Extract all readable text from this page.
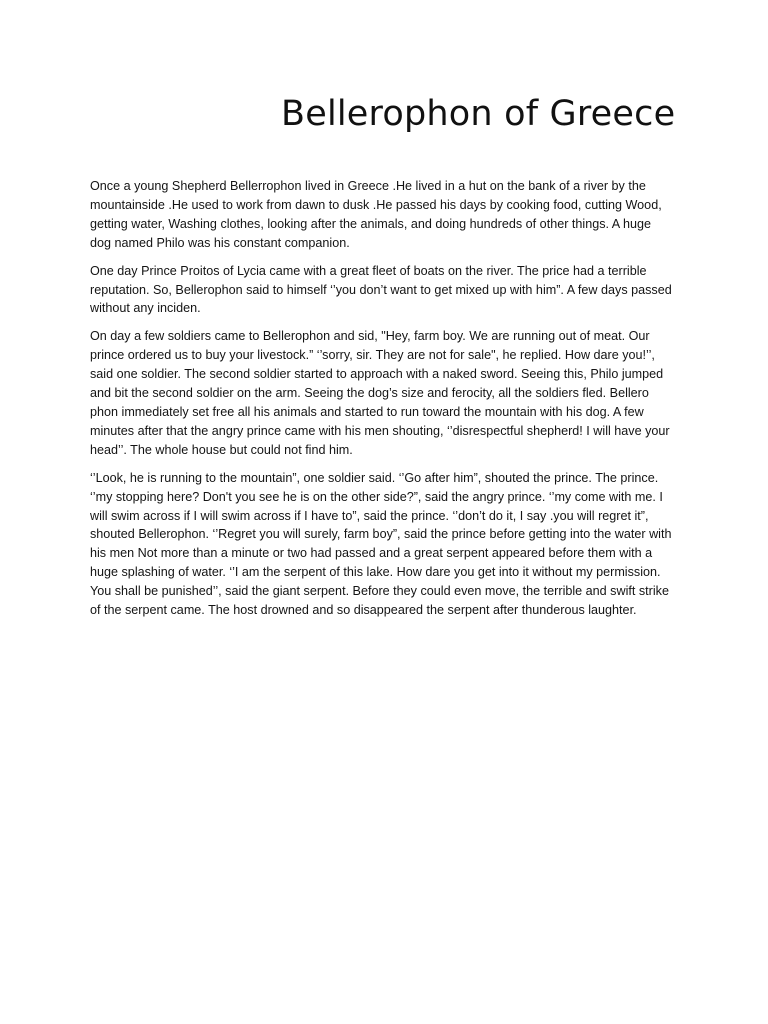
Bellerophon of Greece

Once a young Shepherd Bellerrophon lived in Greece .He lived in a hut on the bank of a river by the mountainside .He used to work from dawn to dusk .He passed his days by cooking food, cutting Wood, getting water, Washing clothes, looking after the animals, and doing hundreds of other things. A huge dog named Philo was his constant companion.

One day Prince Proitos of Lycia came with a great fleet of boats on the river. The price had a terrible reputation. So, Bellerophon said to himself ‘’you don’t want to get mixed up with him”. A few days passed without any inciden.

On day a few soldiers came to Bellerophon and sid, "Hey, farm boy. We are running out of meat. Our prince ordered us to buy your livestock.” ‘’sorry, sir. They are not for sale", he replied. How dare you!’’, said one soldier. The second soldier started to approach with a naked sword. Seeing this, Philo jumped and bit the second soldier on the arm. Seeing the dog’s size and ferocity, all the soldiers fled. Bellero phon immediately set free all his animals and started to run toward the mountain with his dog. A few minutes after that the angry prince came with his men shouting, ‘’disrespectful shepherd! I will have your head’’. The whole house but could not find him.

‘’Look, he is running to the mountain”, one soldier said. ‘’Go after him”, shouted the prince. The prince. ‘’my stopping here? Don't you see he is on the other side?”, said the angry prince. ‘’my come with me. I will swim across if I will swim across if I have to”, said the prince. ‘’don’t do it, I say .you will regret it”, shouted Bellerophon. ‘’Regret you will surely, farm boy”, said the prince before getting into the water with his men Not more than a minute or two had passed and a great serpent appeared before them with a huge splashing of water. ‘’I am the serpent of this lake. How dare you get into it without my permission. You shall be punished’’, said the giant serpent. Before they could even move, the terrible and swift strike of the serpent came. The host drowned and so disappeared the serpent after thunderous laughter.
